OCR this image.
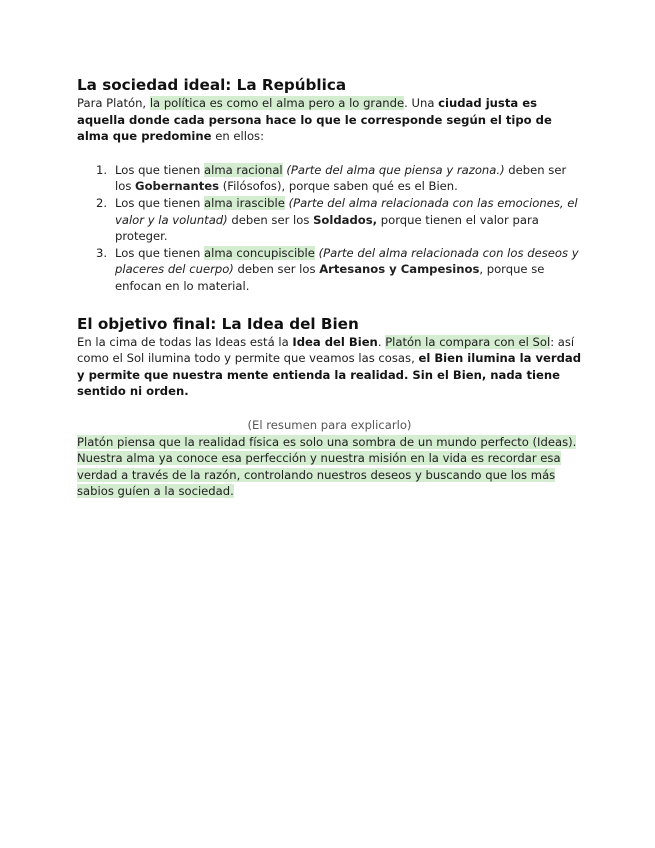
La sociedad ideal: La República

Para Platón, la política es como el alma pero a lo grande. Una ciudad justa es aquella donde cada persona hace lo que le corresponde según el tipo de alma que predomine en ellos:

1. Los que tienen alma racional (Parte del alma que piensa y razona.) deben ser los Gobernantes (Filósofos), porque saben qué es el Bien.
2. Los que tienen alma irascible (Parte del alma relacionada con las emociones, el valor y la voluntad) deben ser los Soldados, porque tienen el valor para proteger.
3. Los que tienen alma concupiscible (Parte del alma relacionada con los deseos y placeres del cuerpo) deben ser los Artesanos y Campesinos, porque se enfocan en lo material.
El objetivo final: La Idea del Bien

En la cima de todas las Ideas está la Idea del Bien. Platón la compara con el Sol: así como el Sol ilumina todo y permite que veamos las cosas, el Bien ilumina la verdad y permite que nuestra mente entienda la realidad. Sin el Bien, nada tiene sentido ni orden.

(El resumen para explicarlo)

Platón piensa que la realidad física es solo una sombra de un mundo perfecto (Ideas). Nuestra alma ya conoce esa perfección y nuestra misión en la vida es recordar esa verdad a través de la razón, controlando nuestros deseos y buscando que los más sabios guíen a la sociedad.
